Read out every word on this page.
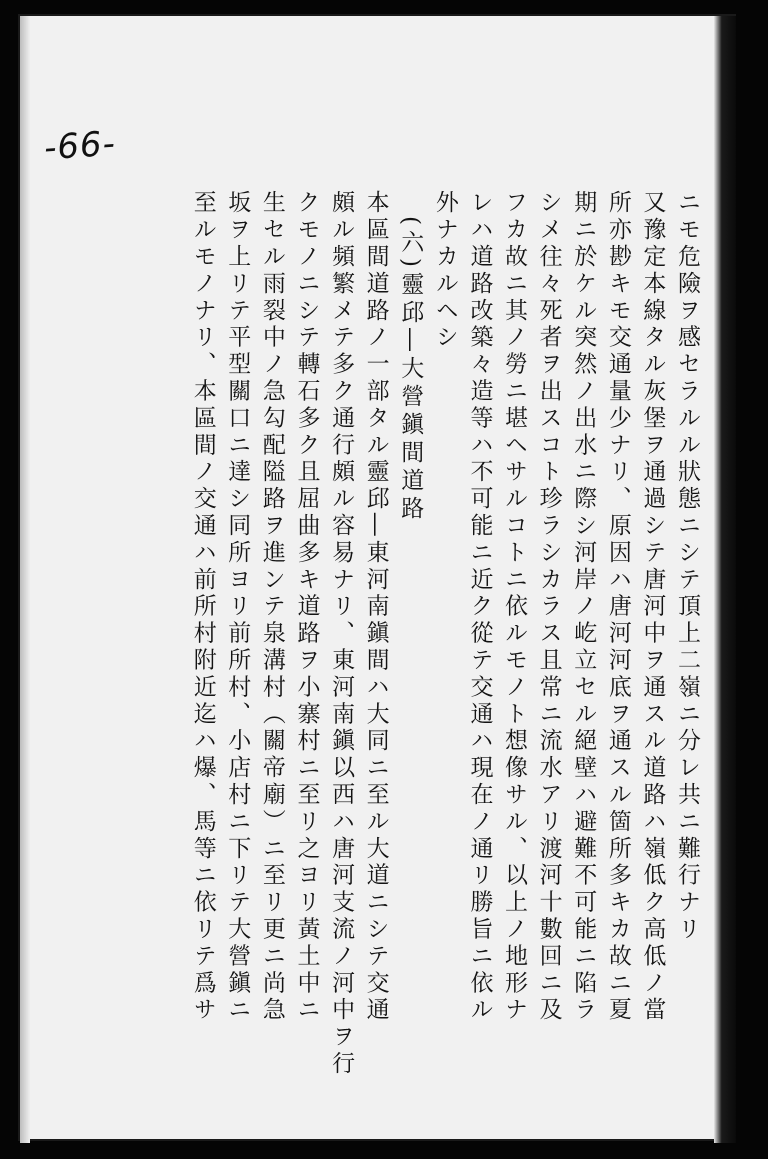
-66-
ニモ危險ヲ感セラルル狀態ニシテ頂上二嶺ニ分レ共ニ難行ナリ
又豫定本線タル灰堡ヲ通過シテ唐河中ヲ通スル道路ハ嶺低ク高低ノ當
所亦尠キモ交通量少ナリ、原因ハ唐河河底ヲ通スル箇所多キカ故ニ夏
期ニ於ケル突然ノ出水ニ際シ河岸ノ屹立セル絕壁ハ避難不可能ニ陷ラ
シメ往々死者ヲ出スコト珍ラシカラス且常ニ流水アリ渡河十數回ニ及
フカ故ニ其ノ勞ニ堪ヘサルコトニ依ルモノト想像サル、以上ノ地形ナ
レハ道路改築々造等ハ不可能ニ近ク從テ交通ハ現在ノ通リ勝旨ニ依ル
外ナカルヘシ
(六)靈邱―大營鎭間道路
本區間道路ノ一部タル靈邱―東河南鎭間ハ大同ニ至ル大道ニシテ交通
頗ル頻繁メテ多ク通行頗ル容易ナリ、東河南鎭以西ハ唐河支流ノ河中ヲ行
クモノニシテ轉石多ク且屈曲多キ道路ヲ小寨村ニ至リ之ヨリ黃土中ニ
生セル雨裂中ノ急勾配隘路ヲ進ンテ泉溝村（關帝廟）ニ至リ更ニ尚急
坂ヲ上リテ平型關口ニ達シ同所ヨリ前所村、小店村ニ下リテ大營鎭ニ
至ルモノナリ、本區間ノ交通ハ前所村附近迄ハ爆、馬等ニ依リテ爲サ
